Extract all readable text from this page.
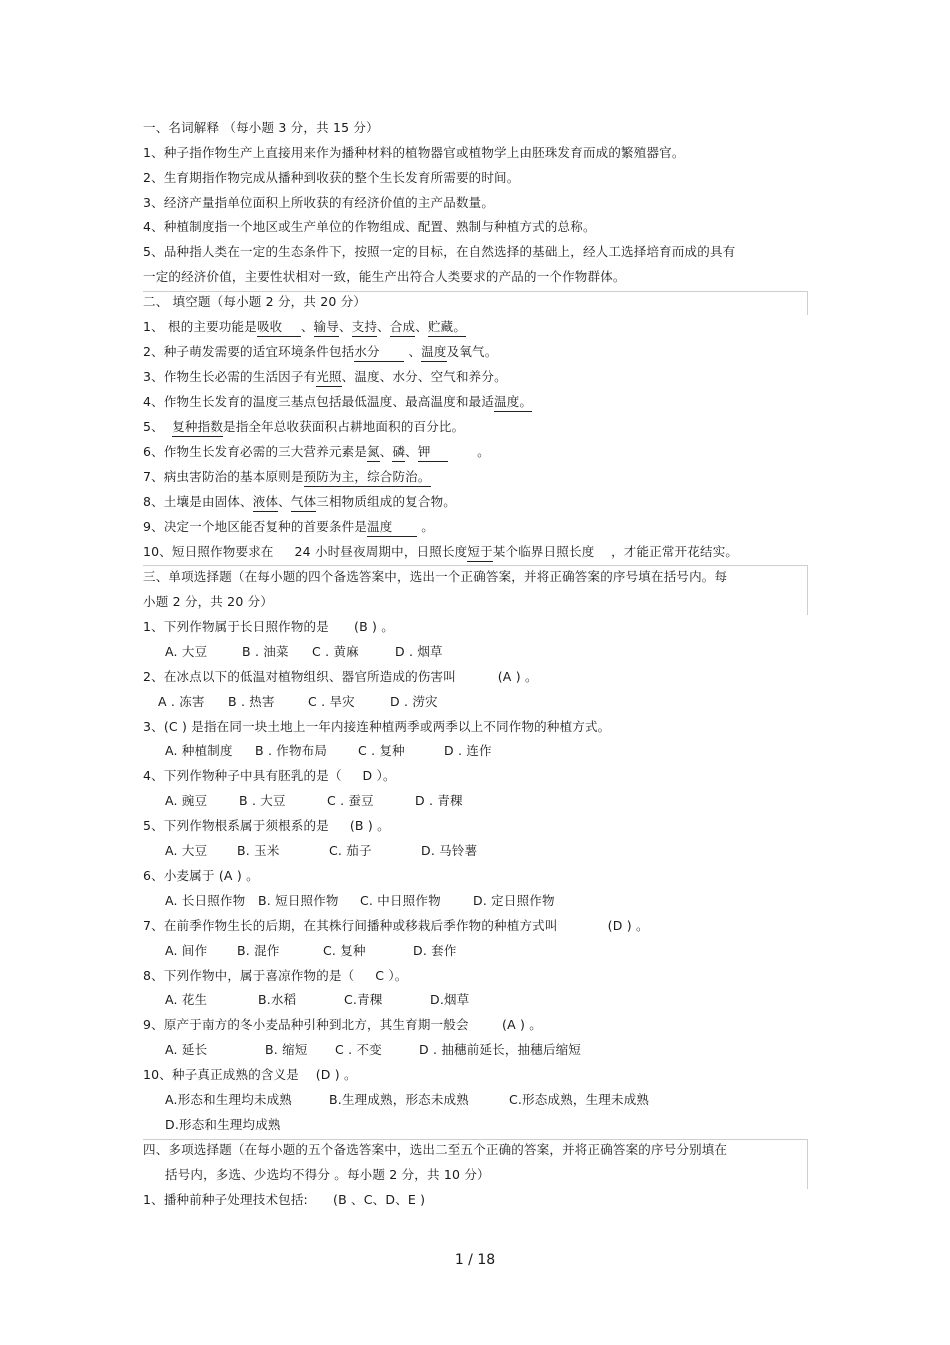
一、名词解释 （每小题 3 分，共 15 分）
1、种子指作物生产上直接用来作为播种材料的植物器官或植物学上由胚珠发育而成的繁殖器官。
2、生育期指作物完成从播种到收获的整个生长发育所需要的时间。
3、经济产量指单位面积上所收获的有经济价值的主产品数量。
4、种植制度指一个地区或生产单位的作物组成、配置、熟制与种植方式的总称。
5、品种指人类在一定的生态条件下，按照一定的目标，在自然选择的基础上，经人工选择培育而成的具有
一定的经济价值，主要性状相对一致，能生产出符合人类要求的产品的一个作物群体。
二、 填空题（每小题 2 分，共 20 分）
1、 根的主要功能是吸收 、输导、支持、合成、贮藏。
2、种子萌发需要的适宜环境条件包括水分 、温度及氧气。
3、作物生长必需的生活因子有光照、温度、水分、空气和养分。
4、作物生长发育的温度三基点包括最低温度、最高温度和最适温度。
5、 复种指数是指全年总收获面积占耕地面积的百分比。
6、作物生长发育必需的三大营养元素是氮、磷、钾	。
7、病虫害防治的基本原则是预防为主，综合防治。
8、土壤是由固体、液体、气体三相物质组成的复合物。
9、决定一个地区能否复种的首要条件是温度 。
10、短日照作物要求在 24 小时昼夜周期中，日照长度短于某个临界日照长度 ，才能正常开花结实。
三、单项选择题（在每小题的四个备选答案中，选出一个正确答案，并将正确答案的序号填在括号内。每
小题 2 分，共 20 分）
1、下列作物属于长日照作物的是 (B ) 。
A. 大豆	B . 油菜 C . 黄麻	D . 烟草
2、在冰点以下的低温对植物组织、器官所造成的伤害叫	(A ) 。
A . 冻害 B . 热害	C . 旱灾	D . 涝灾
3、(C ) 是指在同一块土地上一年内接连种植两季或两季以上不同作物的种植方式。
A. 种植制度 B . 作物布局 C . 复种	D . 连作
4、下列作物种子中具有胚乳的是（ D ）。
A. 豌豆	B . 大豆	C . 蚕豆	D . 青稞
5、下列作物根系属于须根系的是 (B ) 。
A. 大豆 B. 玉米	C. 茄子	D. 马铃薯
6、小麦属于 (A ) 。
A. 长日照作物 B. 短日照作物 C. 中日照作物	D. 定日照作物
7、在前季作物生长的后期，在其株行间播种或移栽后季作物的种植方式叫	(D ) 。
A. 间作 B. 混作	C. 复种	D. 套作
8、下列作物中，属于喜凉作物的是（ C ）。
A. 花生	B.水稻	C.青稞	D.烟草
9、原产于南方的冬小麦品种引种到北方，其生育期一般会	(A ) 。
A. 延长	B. 缩短 C . 不变	D . 抽穗前延长，抽穗后缩短
10、种子真正成熟的含义是 (D ) 。
A.形态和生理均未成熟	B.生理成熟，形态未成熟	C.形态成熟，生理未成熟
D.形态和生理均成熟
四、多项选择题（在每小题的五个备选答案中，选出二至五个正确的答案，并将正确答案的序号分别填在
括号内，多选、少选均不得分 。每小题 2 分，共 10 分）
1、播种前种子处理技术包括: (B 、C、D、E )
1 / 18
